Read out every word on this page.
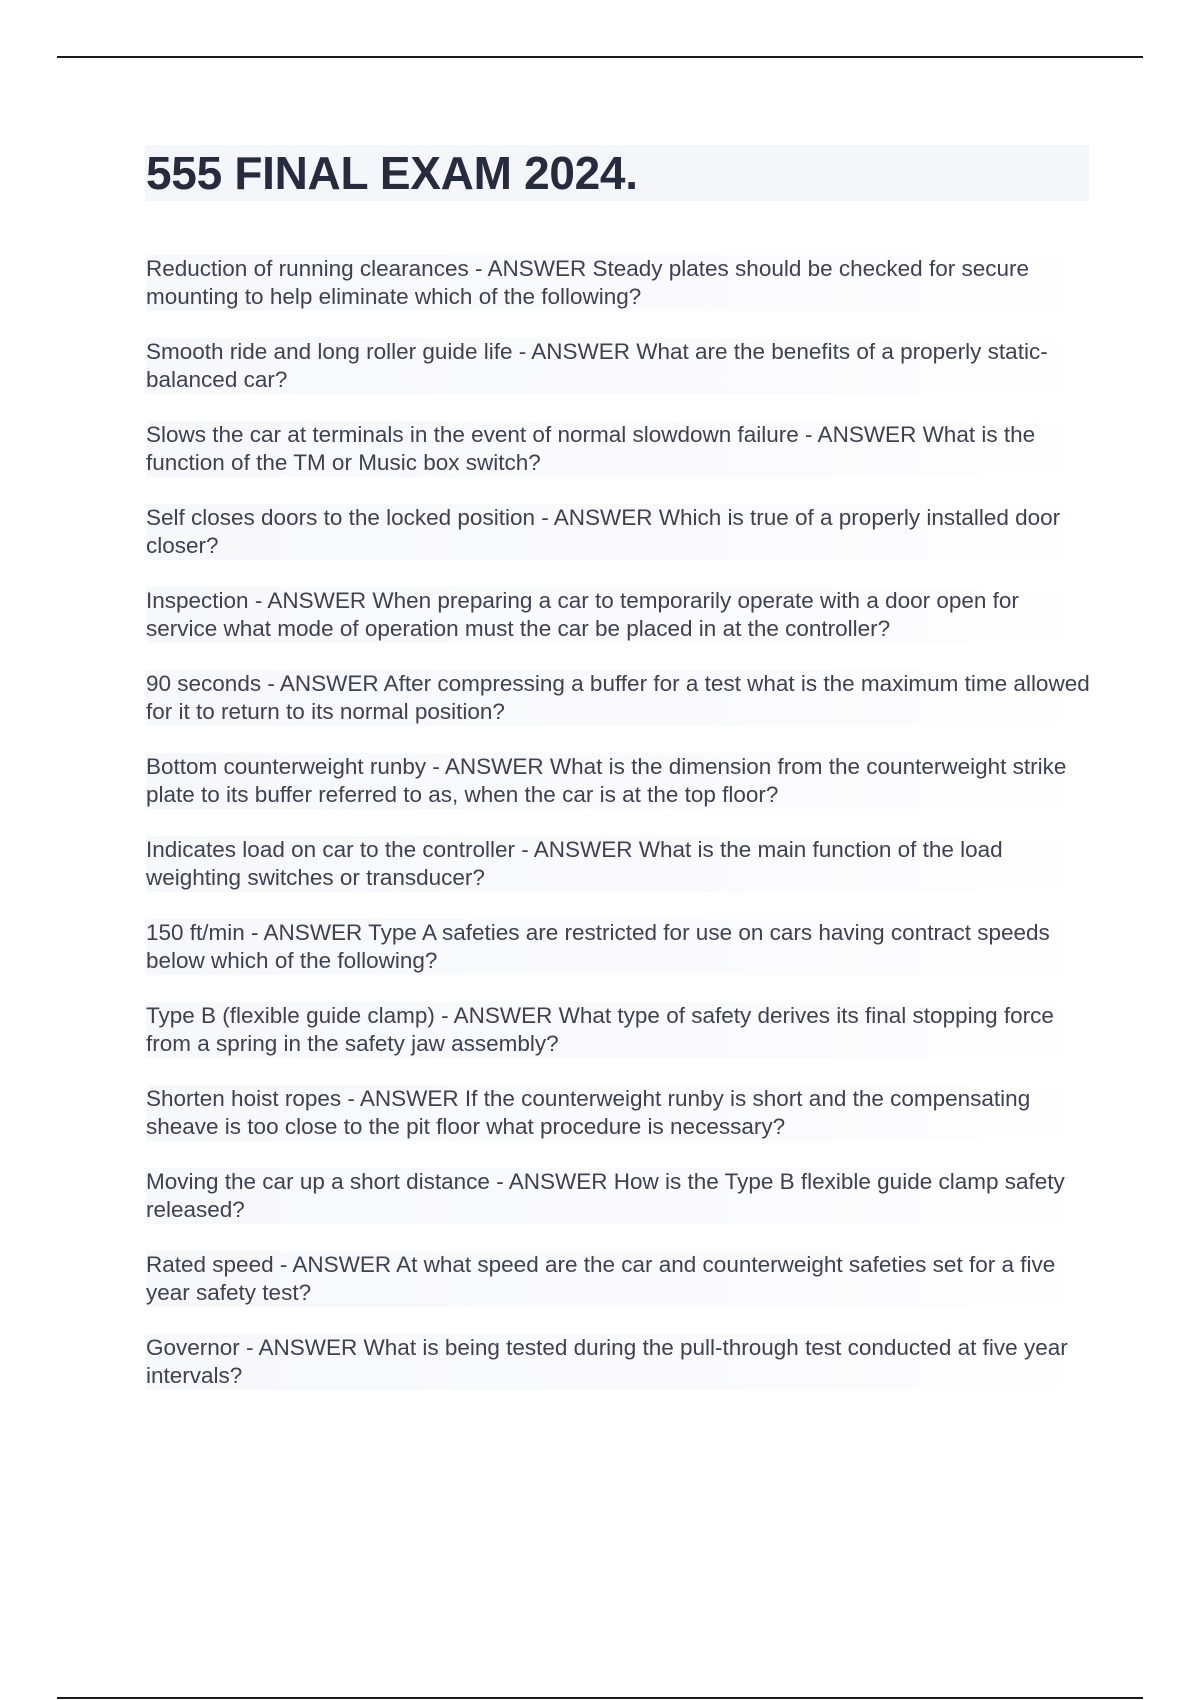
555 FINAL EXAM 2024.
Reduction of running clearances - ANSWER Steady plates should be checked for secure mounting to help eliminate which of the following?
Smooth ride and long roller guide life - ANSWER What are the benefits of a properly static-balanced car?
Slows the car at terminals in the event of normal slowdown failure - ANSWER What is the function of the TM or Music box switch?
Self closes doors to the locked position - ANSWER Which is true of a properly installed door closer?
Inspection - ANSWER When preparing a car to temporarily operate with a door open for service what mode of operation must the car be placed in at the controller?
90 seconds - ANSWER After compressing a buffer for a test what is the maximum time allowed for it to return to its normal position?
Bottom counterweight runby - ANSWER What is the dimension from the counterweight strike plate to its buffer referred to as, when the car is at the top floor?
Indicates load on car to the controller - ANSWER What is the main function of the load weighting switches or transducer?
150 ft/min - ANSWER Type A safeties are restricted for use on cars having contract speeds below which of the following?
Type B (flexible guide clamp) - ANSWER What type of safety derives its final stopping force from a spring in the safety jaw assembly?
Shorten hoist ropes - ANSWER If the counterweight runby is short and the compensating sheave is too close to the pit floor what procedure is necessary?
Moving the car up a short distance - ANSWER How is the Type B flexible guide clamp safety released?
Rated speed - ANSWER At what speed are the car and counterweight safeties set for a five year safety test?
Governor - ANSWER What is being tested during the pull-through test conducted at five year intervals?
